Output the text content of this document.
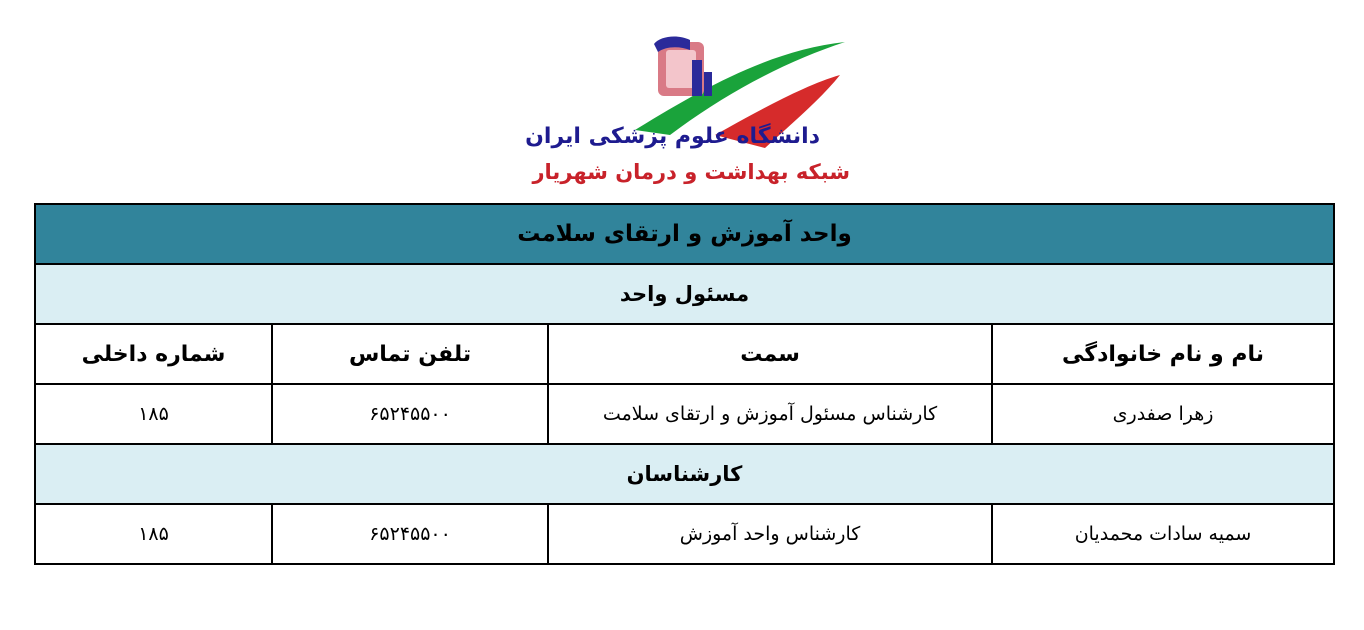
دانشگاه علوم پزشکی ایران
شبکه بهداشت و درمان شهریار
واحد آموزش و ارتقای سلامت			
مسئول واحد			
نام و نام خانوادگی	سمت	تلفن تماس	شماره داخلی
زهرا صفدری	کارشناس مسئول آموزش و ارتقای سلامت	۶۵۲۴۵۵۰۰	۱۸۵
کارشناسان			
سمیه سادات محمدیان	کارشناس واحد آموزش	۶۵۲۴۵۵۰۰	۱۸۵
